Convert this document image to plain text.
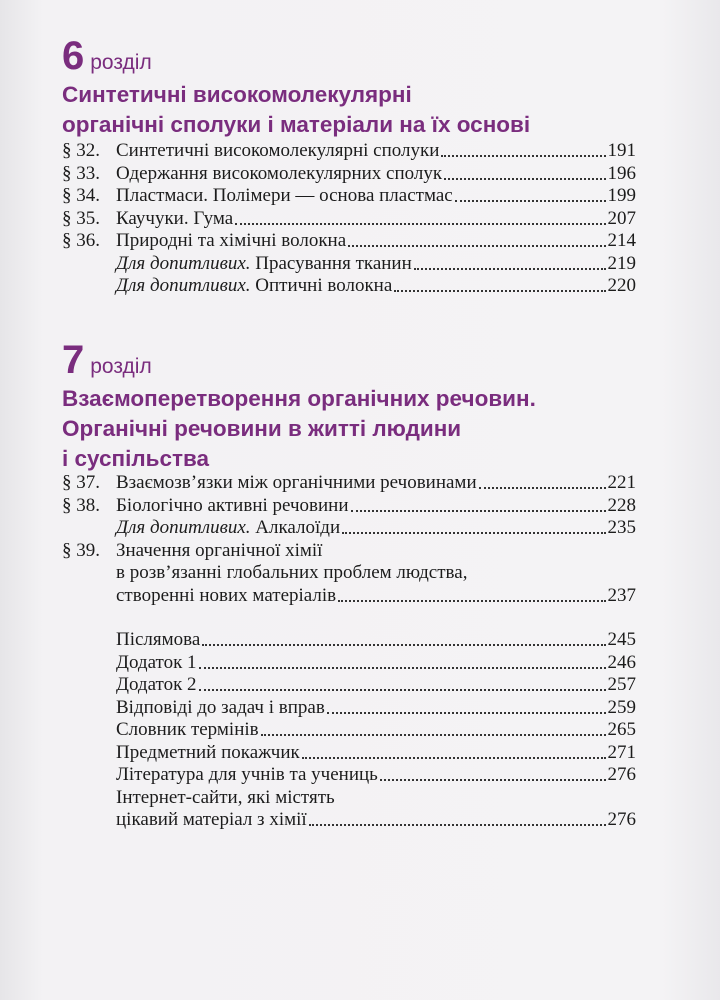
6 розділ
Синтетичні високомолекулярні
органічні сполуки і матеріали на їх основі
§ 32. Синтетичні високомолекулярні сполуки	191
§ 33. Одержання високомолекулярних сполук	196
§ 34. Пластмаси. Полімери — основа пластмас	199
§ 35. Каучуки. Гума	207
§ 36. Природні та хімічні волокна	214
Для допитливих. Прасування тканин	219
Для допитливих. Оптичні волокна	220
7 розділ
Взаємоперетворення органічних речовин.
Органічні речовини в житті людини
і суспільства
§ 37. Взаємозв’язки між органічними речовинами	221
§ 38. Біологічно активні речовини	228
Для допитливих. Алкалоїди	235
§ 39. Значення органічної хімії
в розв’язанні глобальних проблем людства,
створенні нових матеріалів	237
Післямова	245
Додаток 1	246
Додаток 2	257
Відповіді до задач і вправ	259
Словник термінів	265
Предметний покажчик	271
Література для учнів та учениць	276
Інтернет-сайти, які містять
цікавий матеріал з хімії	276
